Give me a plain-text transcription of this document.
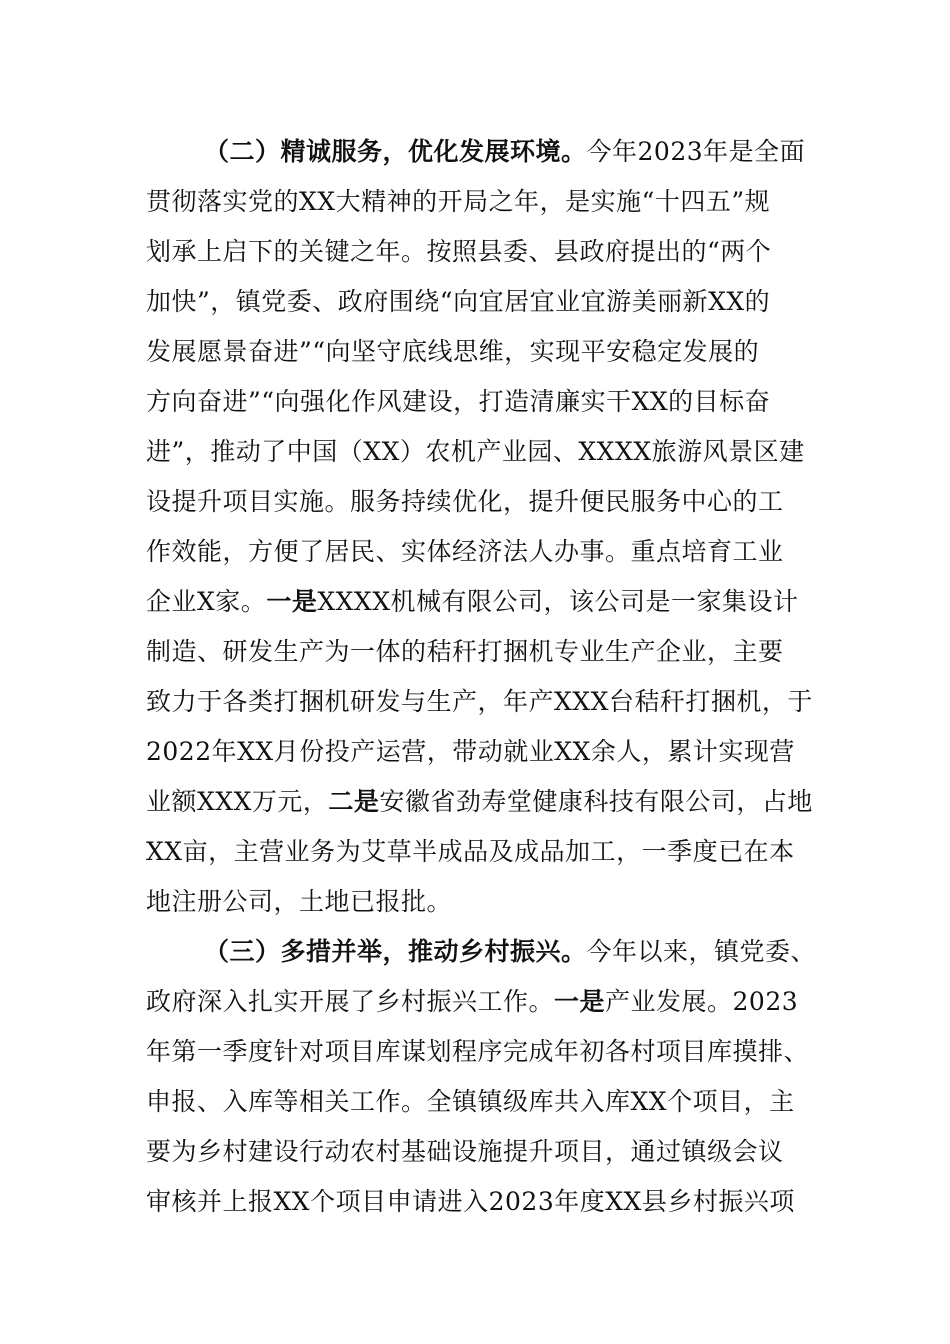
（二）精诚服务，优化发展环境。今年2023年是全面
贯彻落实党的XX大精神的开局之年，是实施“十四五”规
划承上启下的关键之年。按照县委、县政府提出的“两个
加快”，镇党委、政府围绕“向宜居宜业宜游美丽新XX的
发展愿景奋进”“向坚守底线思维，实现平安稳定发展的
方向奋进”“向强化作风建设，打造清廉实干XX的目标奋
进”，推动了中国（XX）农机产业园、XXXX旅游风景区建
设提升项目实施。服务持续优化，提升便民服务中心的工
作效能，方便了居民、实体经济法人办事。重点培育工业
企业X家。一是XXXX机械有限公司，该公司是一家集设计
制造、研发生产为一体的秸秆打捆机专业生产企业，主要
致力于各类打捆机研发与生产，年产XXX台秸秆打捆机，于
2022年XX月份投产运营，带动就业XX余人，累计实现营
业额XXX万元，二是安徽省劲寿堂健康科技有限公司，占地
XX亩，主营业务为艾草半成品及成品加工，一季度已在本
地注册公司，土地已报批。
（三）多措并举，推动乡村振兴。今年以来，镇党委、
政府深入扎实开展了乡村振兴工作。一是产业发展。2023
年第一季度针对项目库谋划程序完成年初各村项目库摸排、
申报、入库等相关工作。全镇镇级库共入库XX个项目，主
要为乡村建设行动农村基础设施提升项目，通过镇级会议
审核并上报XX个项目申请进入2023年度XX县乡村振兴项
